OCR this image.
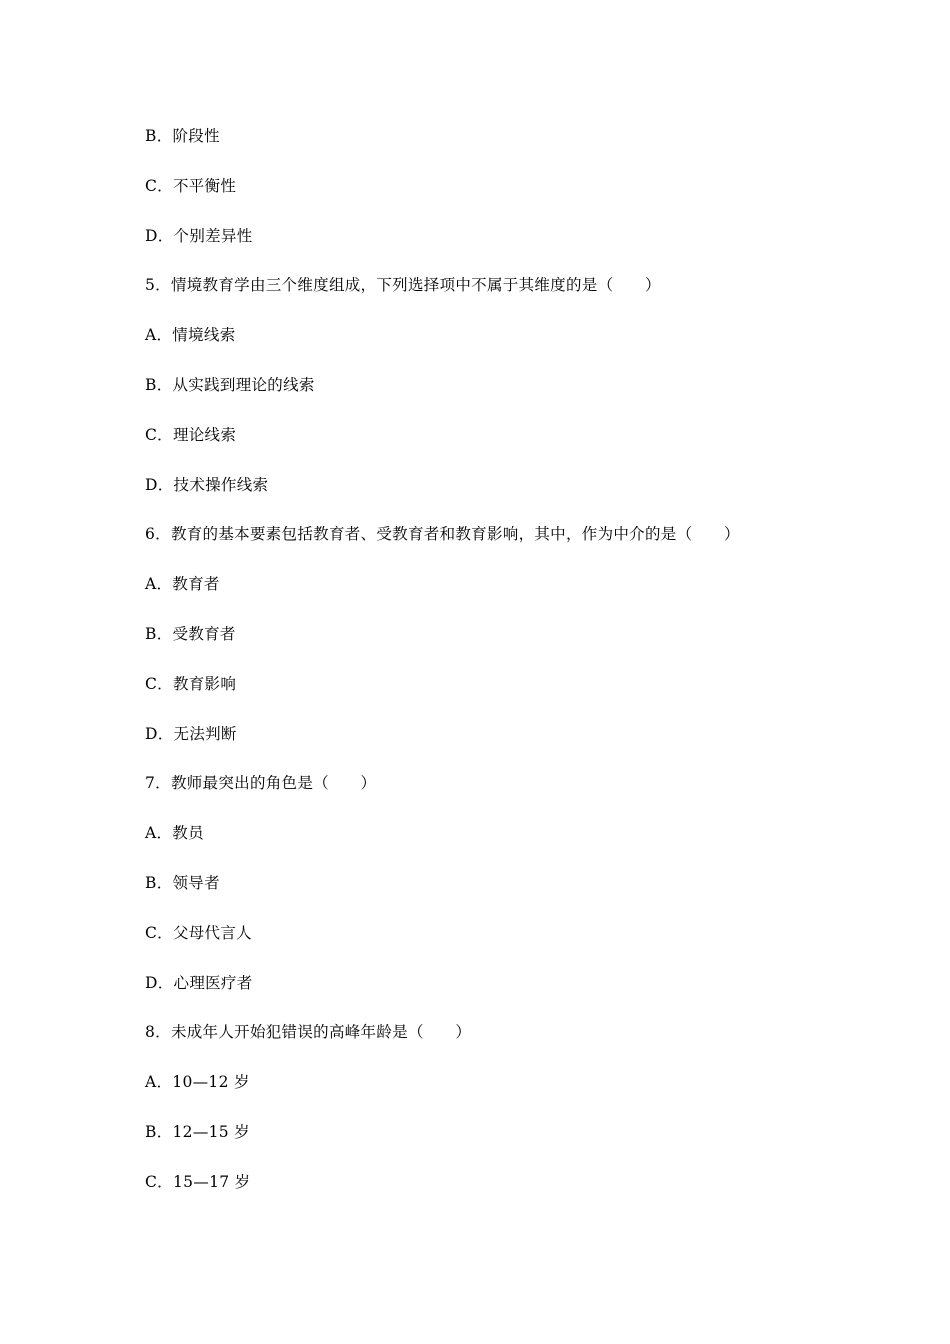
B．阶段性
C．不平衡性
D．个别差异性
5．情境教育学由三个维度组成，下列选择项中不属于其维度的是（　　）
A．情境线索
B．从实践到理论的线索
C．理论线索
D．技术操作线索
6．教育的基本要素包括教育者、受教育者和教育影响，其中，作为中介的是（　　）
A．教育者
B．受教育者
C．教育影响
D．无法判断
7．教师最突出的角色是（　　）
A．教员
B．领导者
C．父母代言人
D．心理医疗者
8．未成年人开始犯错误的高峰年龄是（　　）
A．10—12 岁
B．12—15 岁
C．15—17 岁
